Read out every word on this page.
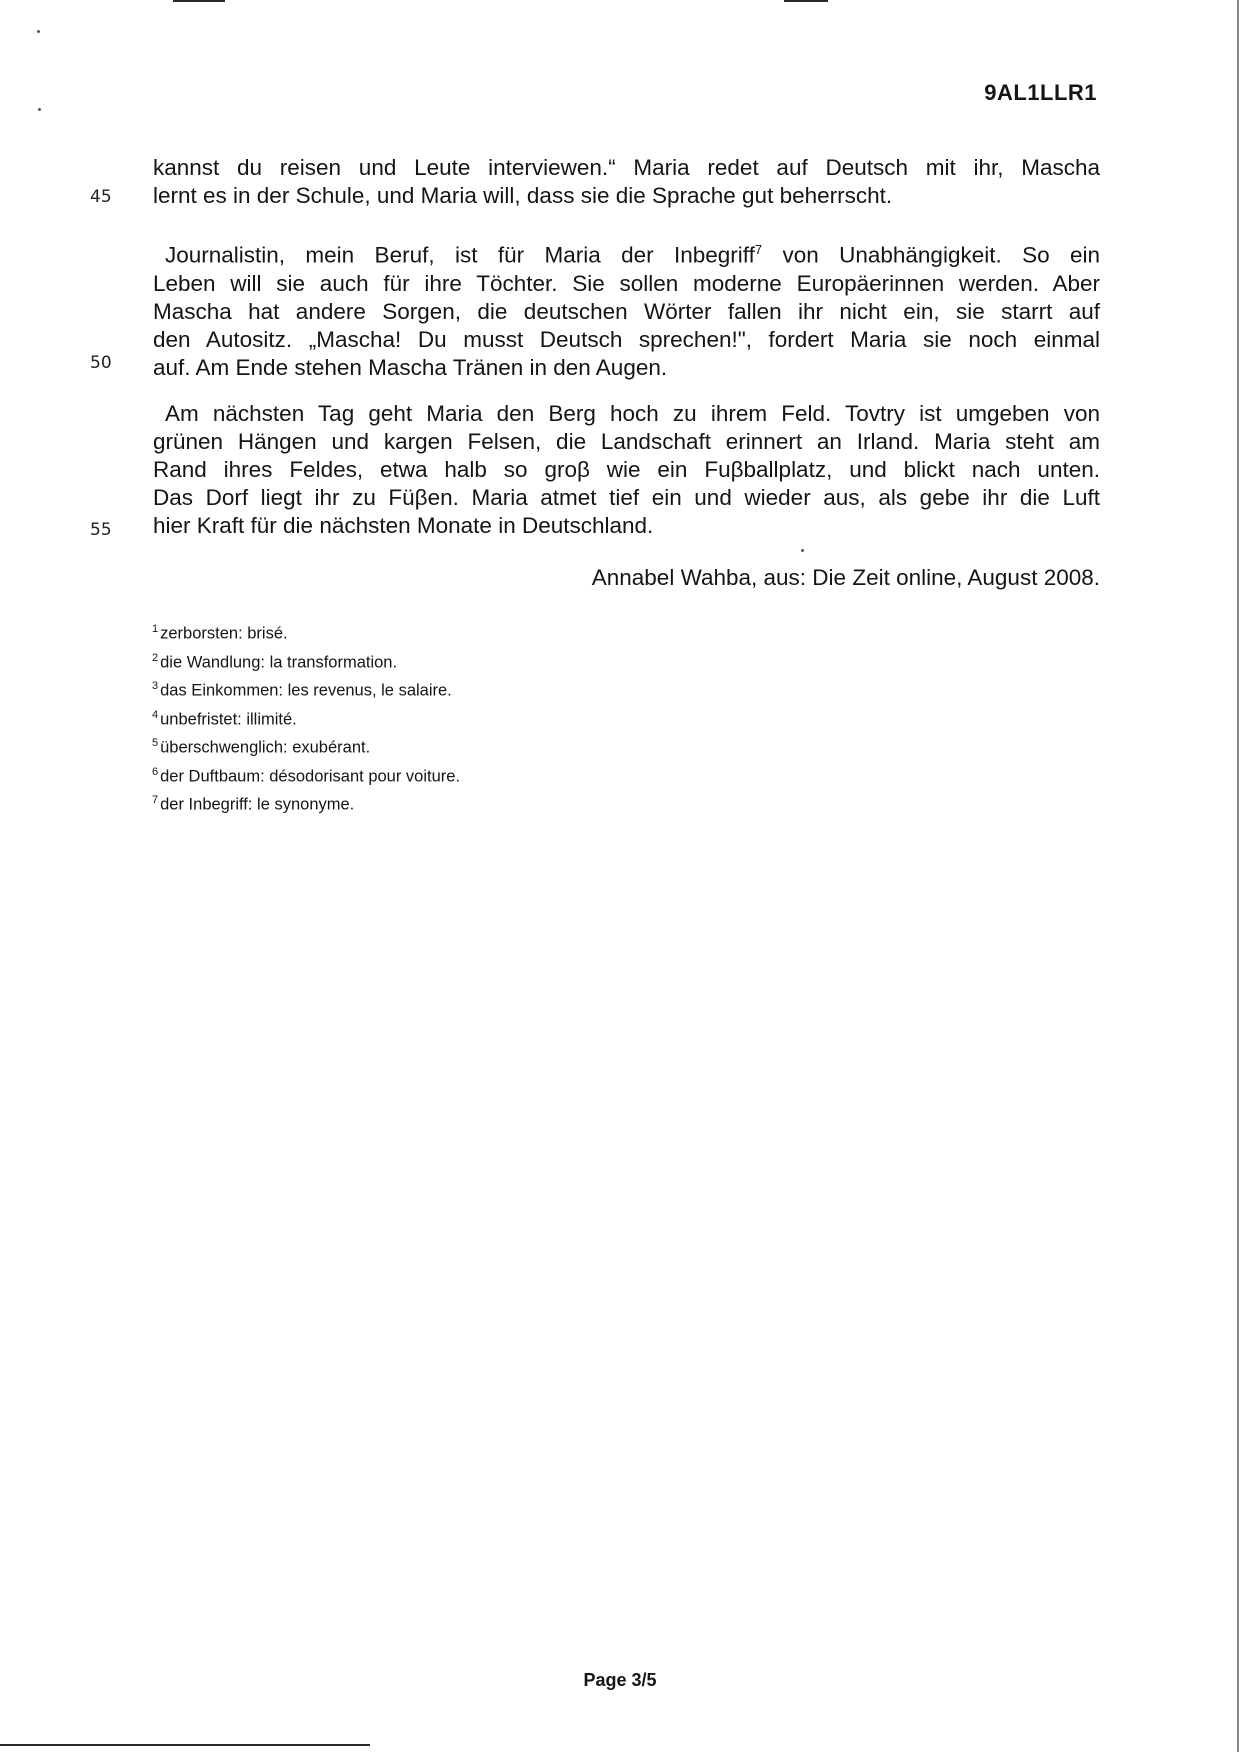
9AL1LLR1
kannst du reisen und Leute interviewen.“ Maria redet auf Deutsch mit ihr, Mascha
lernt es in der Schule, und Maria will, dass sie die Sprache gut beherrscht.
45
Journalistin, mein Beruf, ist für Maria der Inbegriff$^7$ von Unabhängigkeit. So ein
Leben will sie auch für ihre Töchter. Sie sollen moderne Europäerinnen werden. Aber
Mascha hat andere Sorgen, die deutschen Wörter fallen ihr nicht ein, sie starrt auf
den Autositz. „Mascha! Du musst Deutsch sprechen!", fordert Maria sie noch einmal
auf. Am Ende stehen Mascha Tränen in den Augen.
50
Am nächsten Tag geht Maria den Berg hoch zu ihrem Feld. Tovtry ist umgeben von
grünen Hängen und kargen Felsen, die Landschaft erinnert an Irland. Maria steht am
Rand ihres Feldes, etwa halb so groβ wie ein Fuβballplatz, und blickt nach unten.
Das Dorf liegt ihr zu Füβen. Maria atmet tief ein und wieder aus, als gebe ihr die Luft
hier Kraft für die nächsten Monate in Deutschland.
55
Annabel Wahba, aus: Die Zeit online, August 2008.
$^1$ zerborsten: brisé.
$^2$ die Wandlung: la transformation.
$^3$ das Einkommen: les revenus, le salaire.
$^4$ unbefristet: illimité.
$^5$ überschwenglich: exubérant.
$^6$ der Duftbaum: désodorisant pour voiture.
$^7$ der Inbegriff: le synonyme.
Page 3/5
